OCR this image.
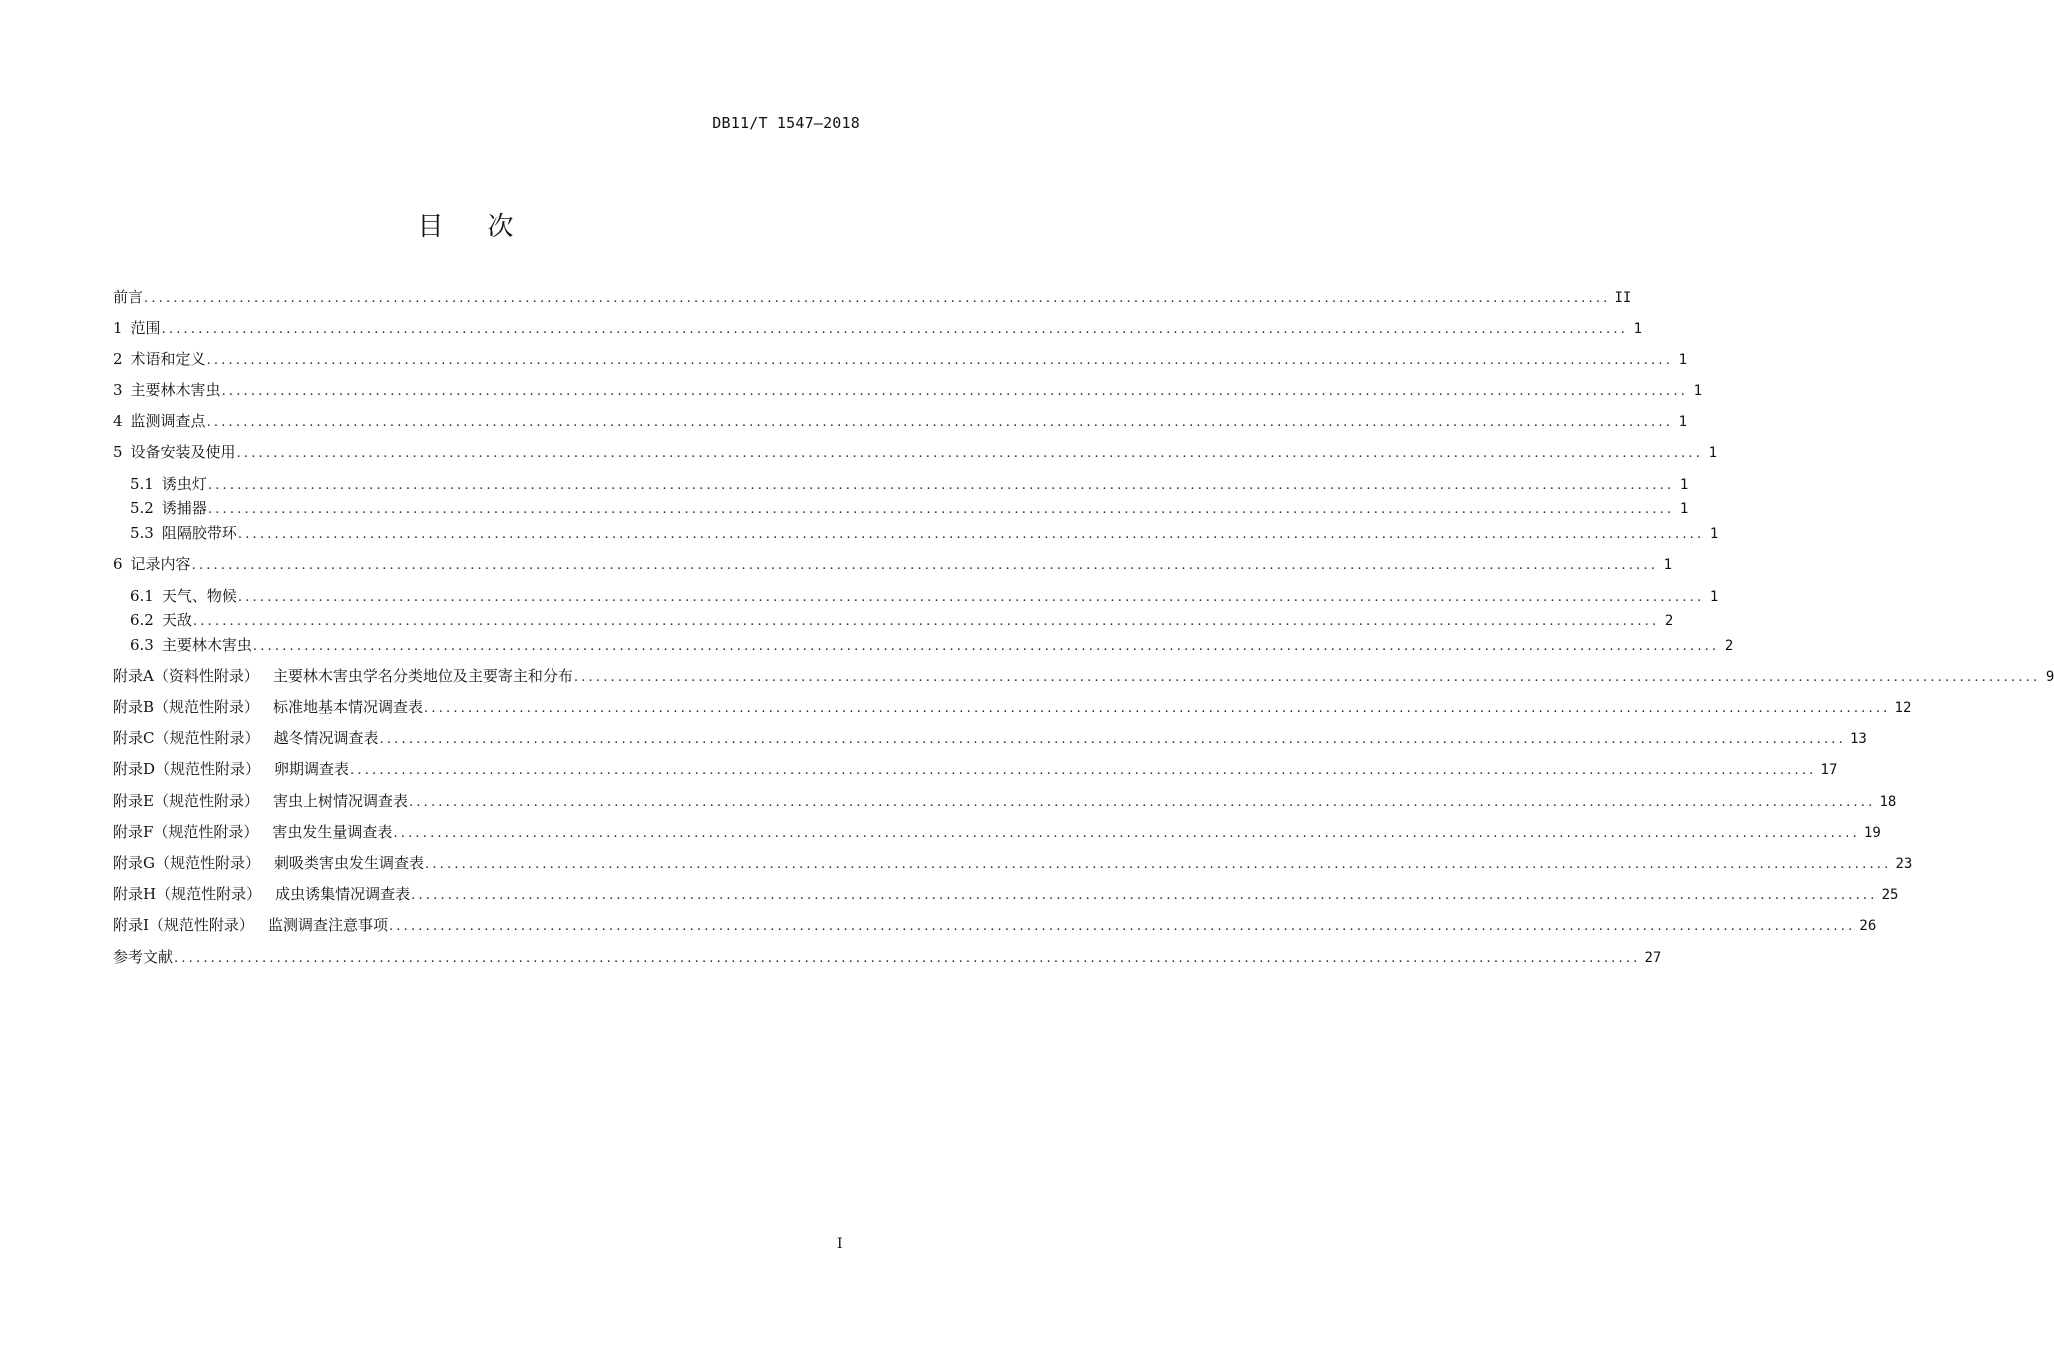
DB11/T 1547—2018
目次
前言 ........................................................................................................................................................................................................ II
1 范围 ........................................................................................................................................................................................................ 1
2 术语和定义 ........................................................................................................................................................................................................ 1
3 主要林木害虫 ........................................................................................................................................................................................................ 1
4 监测调查点 ........................................................................................................................................................................................................ 1
5 设备安装及使用 ........................................................................................................................................................................................................ 1
5.1 诱虫灯 ........................................................................................................................................................................................................ 1
5.2 诱捕器 ........................................................................................................................................................................................................ 1
5.3 阻隔胶带环 ........................................................................................................................................................................................................ 1
6 记录内容 ........................................................................................................................................................................................................ 1
6.1 天气、物候 ........................................................................................................................................................................................................ 1
6.2 天敌 ........................................................................................................................................................................................................ 2
6.3 主要林木害虫 ........................................................................................................................................................................................................ 2
附录A（资料性附录） 主要林木害虫学名分类地位及主要寄主和分布 ........................................................................................................................................................................................................ 9
附录B（规范性附录） 标准地基本情况调查表 ........................................................................................................................................................................................................ 12
附录C（规范性附录） 越冬情况调查表 ........................................................................................................................................................................................................ 13
附录D（规范性附录） 卵期调查表 ........................................................................................................................................................................................................ 17
附录E（规范性附录） 害虫上树情况调查表 ........................................................................................................................................................................................................ 18
附录F（规范性附录） 害虫发生量调查表 ........................................................................................................................................................................................................ 19
附录G（规范性附录） 刺吸类害虫发生调查表 ........................................................................................................................................................................................................ 23
附录H（规范性附录） 成虫诱集情况调查表 ........................................................................................................................................................................................................ 25
附录I（规范性附录） 监测调查注意事项 ........................................................................................................................................................................................................ 26
参考文献 ........................................................................................................................................................................................................ 27
I
